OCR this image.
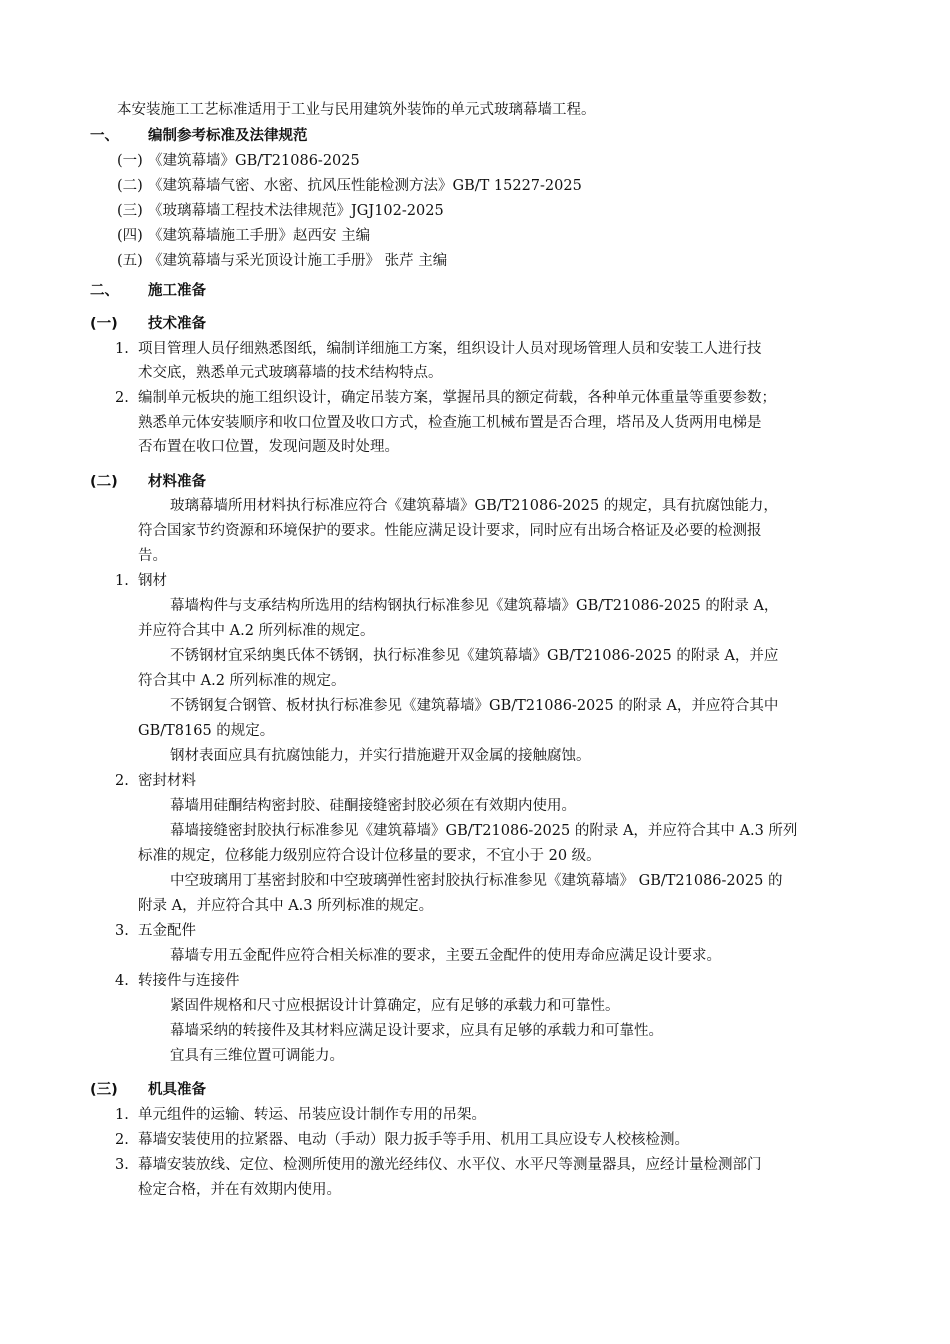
本安装施工工艺标准适用于工业与民用建筑外装饰的单元式玻璃幕墙工程。
一、 编制参考标准及法律规范
(一) 《建筑幕墙》GB/T21086-2025
(二) 《建筑幕墙气密、水密、抗风压性能检测方法》GB/T 15227-2025
(三) 《玻璃幕墙工程技术法律规范》JGJ102-2025
(四) 《建筑幕墙施工手册》赵西安 主编
(五) 《建筑幕墙与采光顶设计施工手册》 张芹 主编
二、 施工准备
(一) 技术准备
1. 项目管理人员仔细熟悉图纸，编制详细施工方案，组织设计人员对现场管理人员和安装工人进行技
术交底，熟悉单元式玻璃幕墙的技术结构特点。
2. 编制单元板块的施工组织设计，确定吊装方案，掌握吊具的额定荷载，各种单元体重量等重要参数；
熟悉单元体安装顺序和收口位置及收口方式，检查施工机械布置是否合理，塔吊及人货两用电梯是
否布置在收口位置，发现问题及时处理。
(二) 材料准备
玻璃幕墙所用材料执行标准应符合《建筑幕墙》GB/T21086-2025 的规定，具有抗腐蚀能力，
符合国家节约资源和环境保护的要求。性能应满足设计要求，同时应有出场合格证及必要的检测报
告。
1. 钢材
幕墙构件与支承结构所选用的结构钢执行标准参见《建筑幕墙》GB/T21086-2025 的附录 A，
并应符合其中 A.2 所列标准的规定。
不锈钢材宜采纳奥氏体不锈钢，执行标准参见《建筑幕墙》GB/T21086-2025 的附录 A，并应
符合其中 A.2 所列标准的规定。
不锈钢复合钢管、板材执行标准参见《建筑幕墙》GB/T21086-2025 的附录 A，并应符合其中
GB/T8165 的规定。
钢材表面应具有抗腐蚀能力，并实行措施避开双金属的接触腐蚀。
2. 密封材料
幕墙用硅酮结构密封胶、硅酮接缝密封胶必须在有效期内使用。
幕墙接缝密封胶执行标准参见《建筑幕墙》GB/T21086-2025 的附录 A，并应符合其中 A.3 所列
标准的规定，位移能力级别应符合设计位移量的要求，不宜小于 20 级。
中空玻璃用丁基密封胶和中空玻璃弹性密封胶执行标准参见《建筑幕墙》 GB/T21086-2025 的
附录 A，并应符合其中 A.3 所列标准的规定。
3. 五金配件
幕墙专用五金配件应符合相关标准的要求，主要五金配件的使用寿命应满足设计要求。
4. 转接件与连接件
紧固件规格和尺寸应根据设计计算确定，应有足够的承载力和可靠性。
幕墙采纳的转接件及其材料应满足设计要求，应具有足够的承载力和可靠性。
宜具有三维位置可调能力。
(三) 机具准备
1. 单元组件的运输、转运、吊装应设计制作专用的吊架。
2. 幕墙安装使用的拉紧器、电动（手动）限力扳手等手用、机用工具应设专人校核检测。
3. 幕墙安装放线、定位、检测所使用的激光经纬仪、水平仪、水平尺等测量器具，应经计量检测部门
检定合格，并在有效期内使用。
